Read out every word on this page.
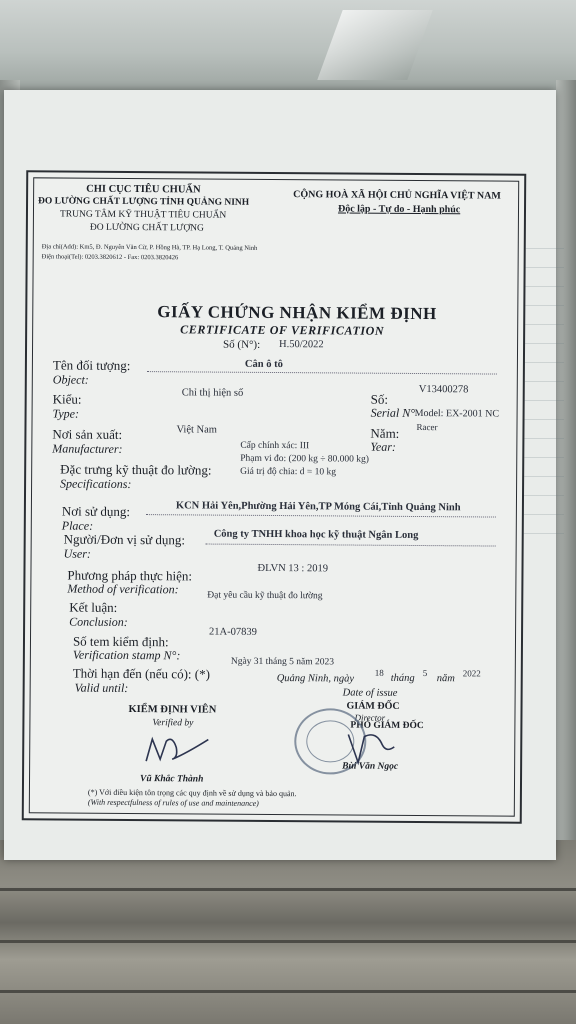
CHI CỤC TIÊU CHUẨN
ĐO LƯỜNG CHẤT LƯỢNG TỈNH QUẢNG NINH
TRUNG TÂM KỸ THUẬT TIÊU CHUẨN
ĐO LƯỜNG CHẤT LƯỢNG
Địa chỉ(Add): Km5, Đ. Nguyễn Văn Cừ, P. Hồng Hà, TP. Hạ Long, T. Quảng Ninh
Điện thoại(Tel): 0203.3820612 - Fax: 0203.3820426
CỘNG HOÀ XÃ HỘI CHỦ NGHĨA VIỆT NAM
Độc lập - Tự do - Hạnh phúc
GIẤY CHỨNG NHẬN KIỂM ĐỊNH
CERTIFICATE OF VERIFICATION
Số (N°): H.50/2022
Tên đối tượng:
Object:
Cân ô tô
Kiểu:
Type:
Chỉ thị hiện số	Số:
Serial N°
V13400278
Model: EX-2001 NC
Nơi sản xuất:
Manufacturer:
Việt Nam	Năm:
Year:
Racer
Cấp chính xác: III
Phạm vi đo: (200 kg ÷ 80.000 kg)
Giá trị độ chia: d = 10 kg
Đặc trưng kỹ thuật đo lường:
Specifications:
Nơi sử dụng:
Place:
KCN Hải Yên,Phường Hải Yên,TP Móng Cái,Tỉnh Quảng Ninh
Người/Đơn vị sử dụng:
User:
Công ty TNHH khoa học kỹ thuật Ngân Long
Phương pháp thực hiện:
Method of verification:
ĐLVN 13 : 2019
Kết luận:
Conclusion:
Đạt yêu cầu kỹ thuật đo lường
Số tem kiểm định:
Verification stamp N°:
21A-07839
Thời hạn đến (nếu có): (*)
Valid until:
Ngày 31 tháng 5 năm 2023
Quảng Ninh, ngày
18
tháng 5
năm 2022
Date of issue
GIÁM ĐỐC
Director
PHÓ GIÁM ĐỐC
KIỂM ĐỊNH VIÊN
Verified by
Vũ Khắc Thành
Bùi Văn Ngọc
(*) Với điều kiện tôn trọng các quy định về sử dụng và bảo quản.
(With respectfulness of rules of use and maintenance)
